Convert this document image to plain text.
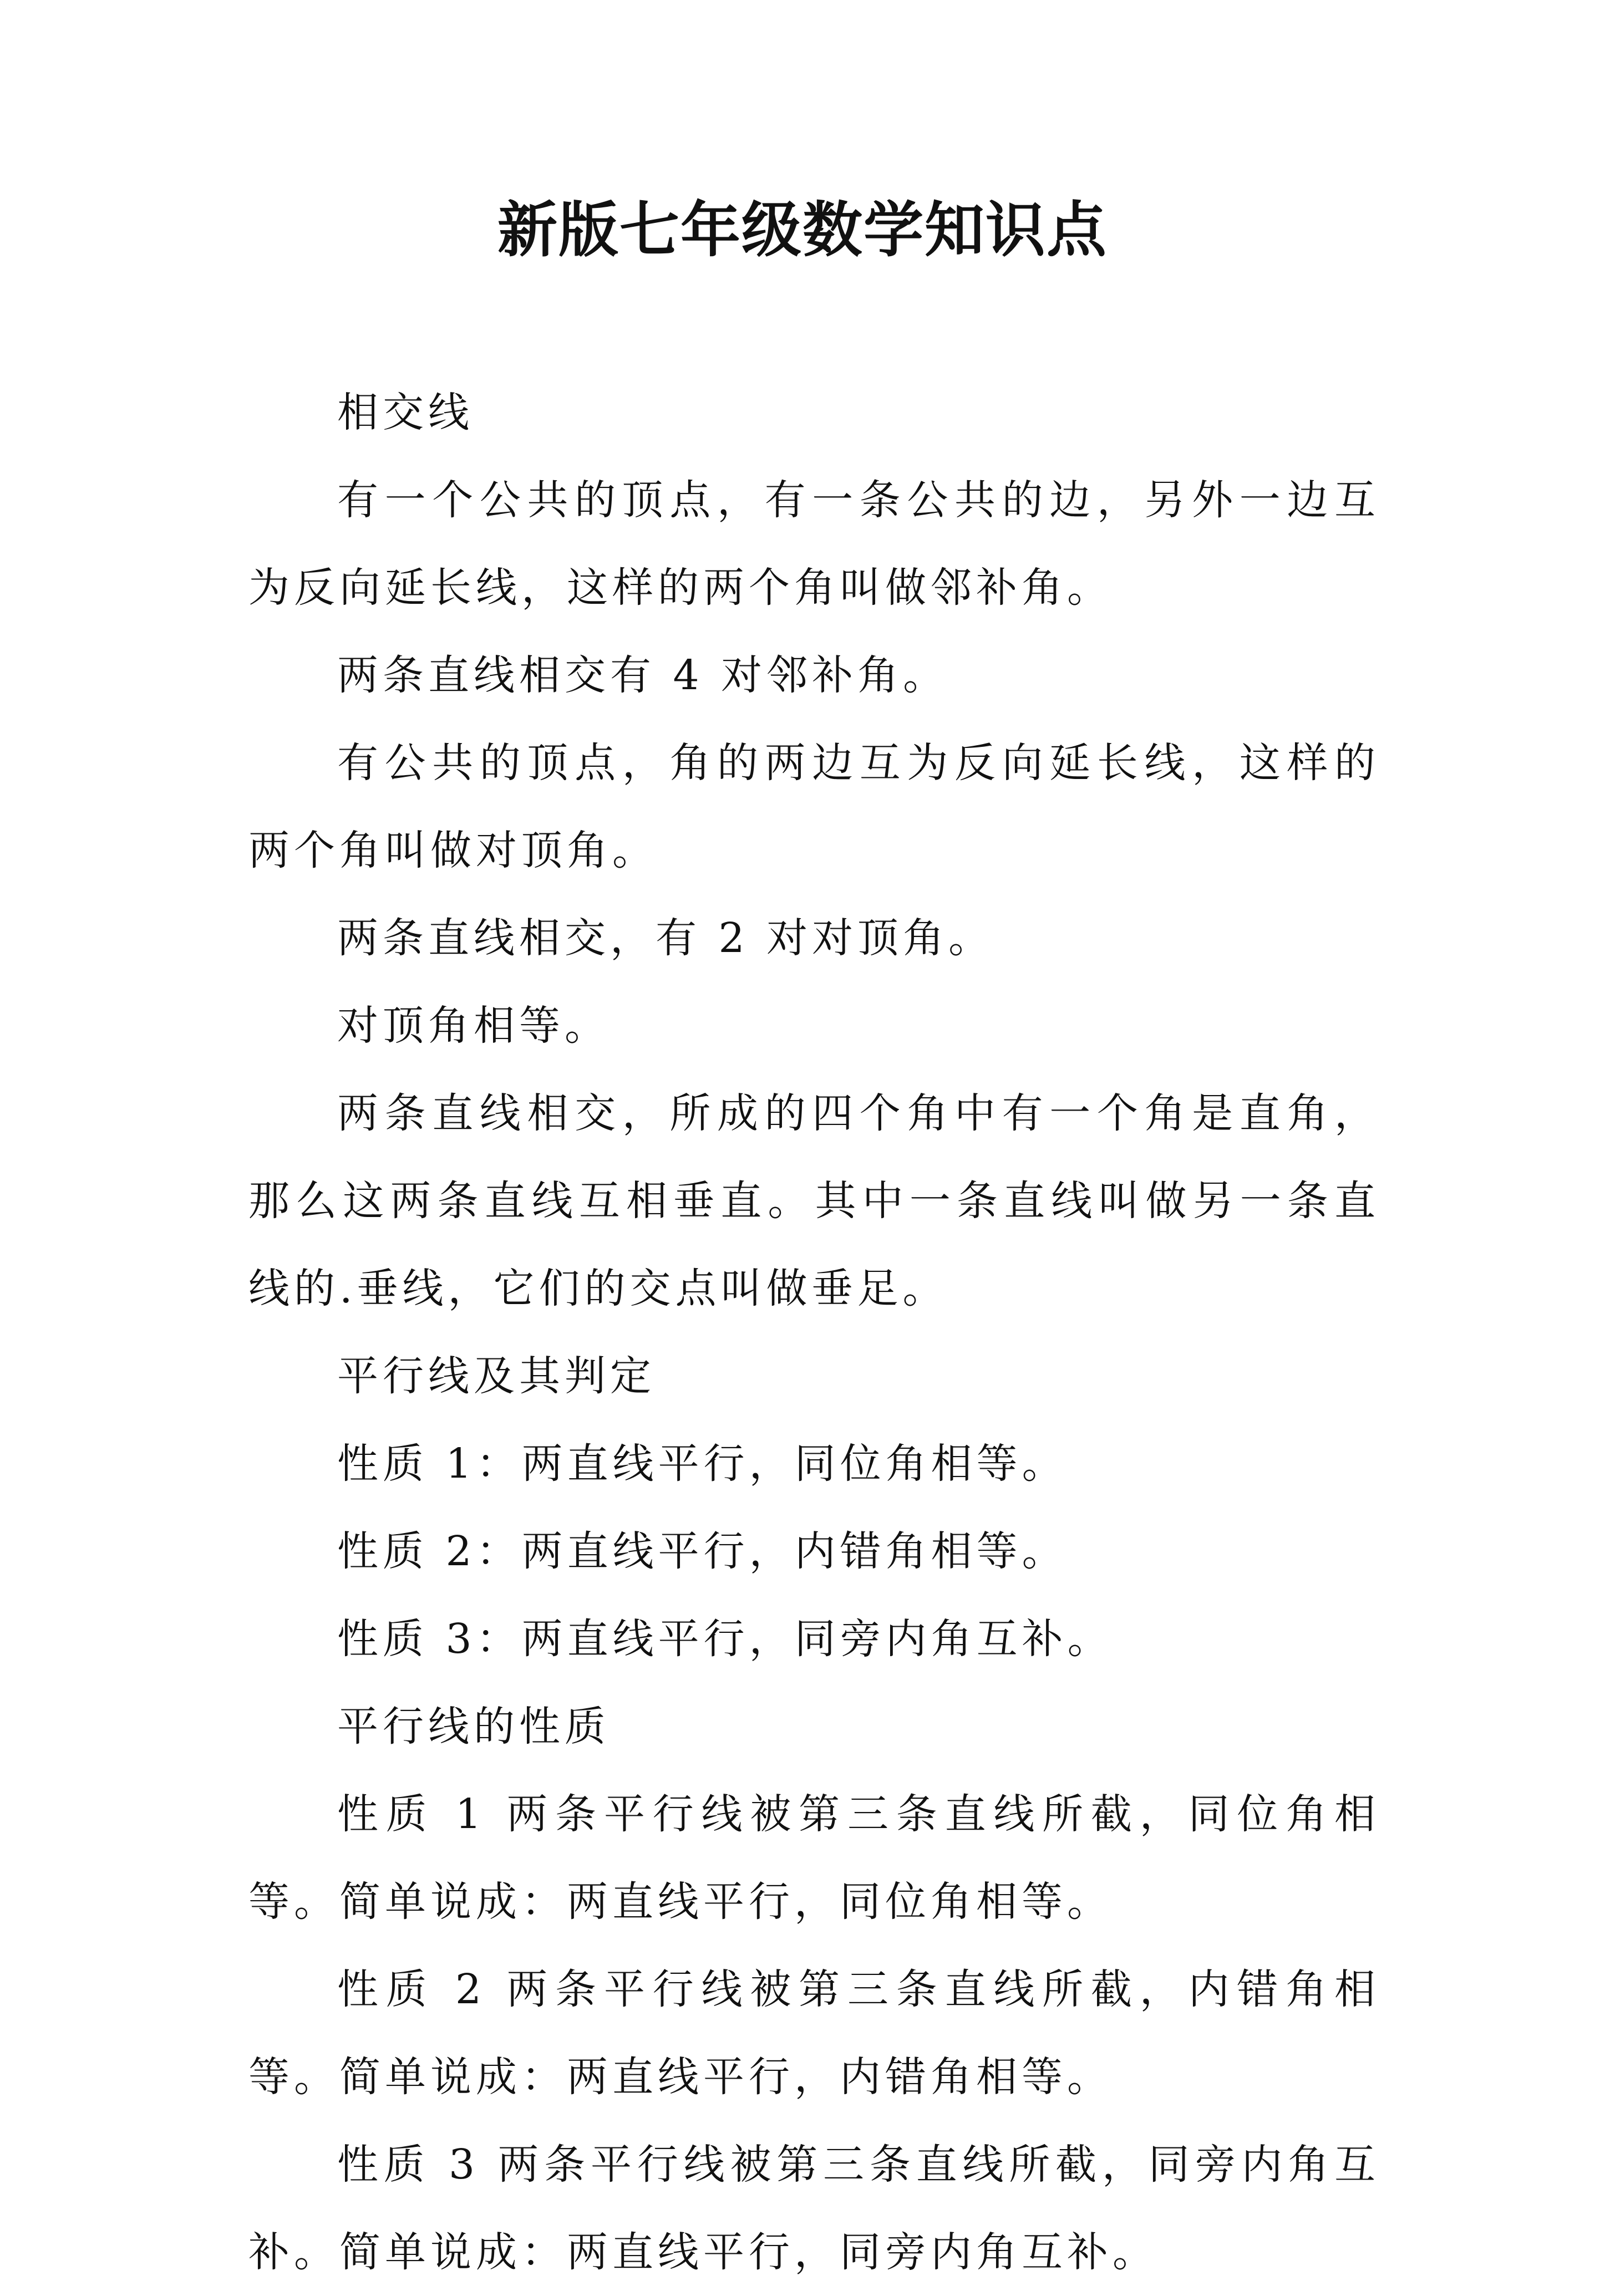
新版七年级数学知识点

相交线

有一个公共的顶点，有一条公共的边，另外一边互为反向延长线，这样的两个角叫做邻补角。

两条直线相交有 4 对邻补角。

有公共的顶点，角的两边互为反向延长线，这样的两个角叫做对顶角。

两条直线相交，有 2 对对顶角。

对顶角相等。

两条直线相交，所成的四个角中有一个角是直角，那么这两条直线互相垂直。其中一条直线叫做另一条直线的.垂线，它们的交点叫做垂足。

平行线及其判定

性质 1：两直线平行，同位角相等。

性质 2：两直线平行，内错角相等。

性质 3：两直线平行，同旁内角互补。

平行线的性质

性质 1 两条平行线被第三条直线所截，同位角相等。简单说成：两直线平行，同位角相等。

性质 2 两条平行线被第三条直线所截，内错角相等。简单说成：两直线平行，内错角相等。

性质 3 两条平行线被第三条直线所截，同旁内角互补。简单说成：两直线平行，同旁内角互补。
